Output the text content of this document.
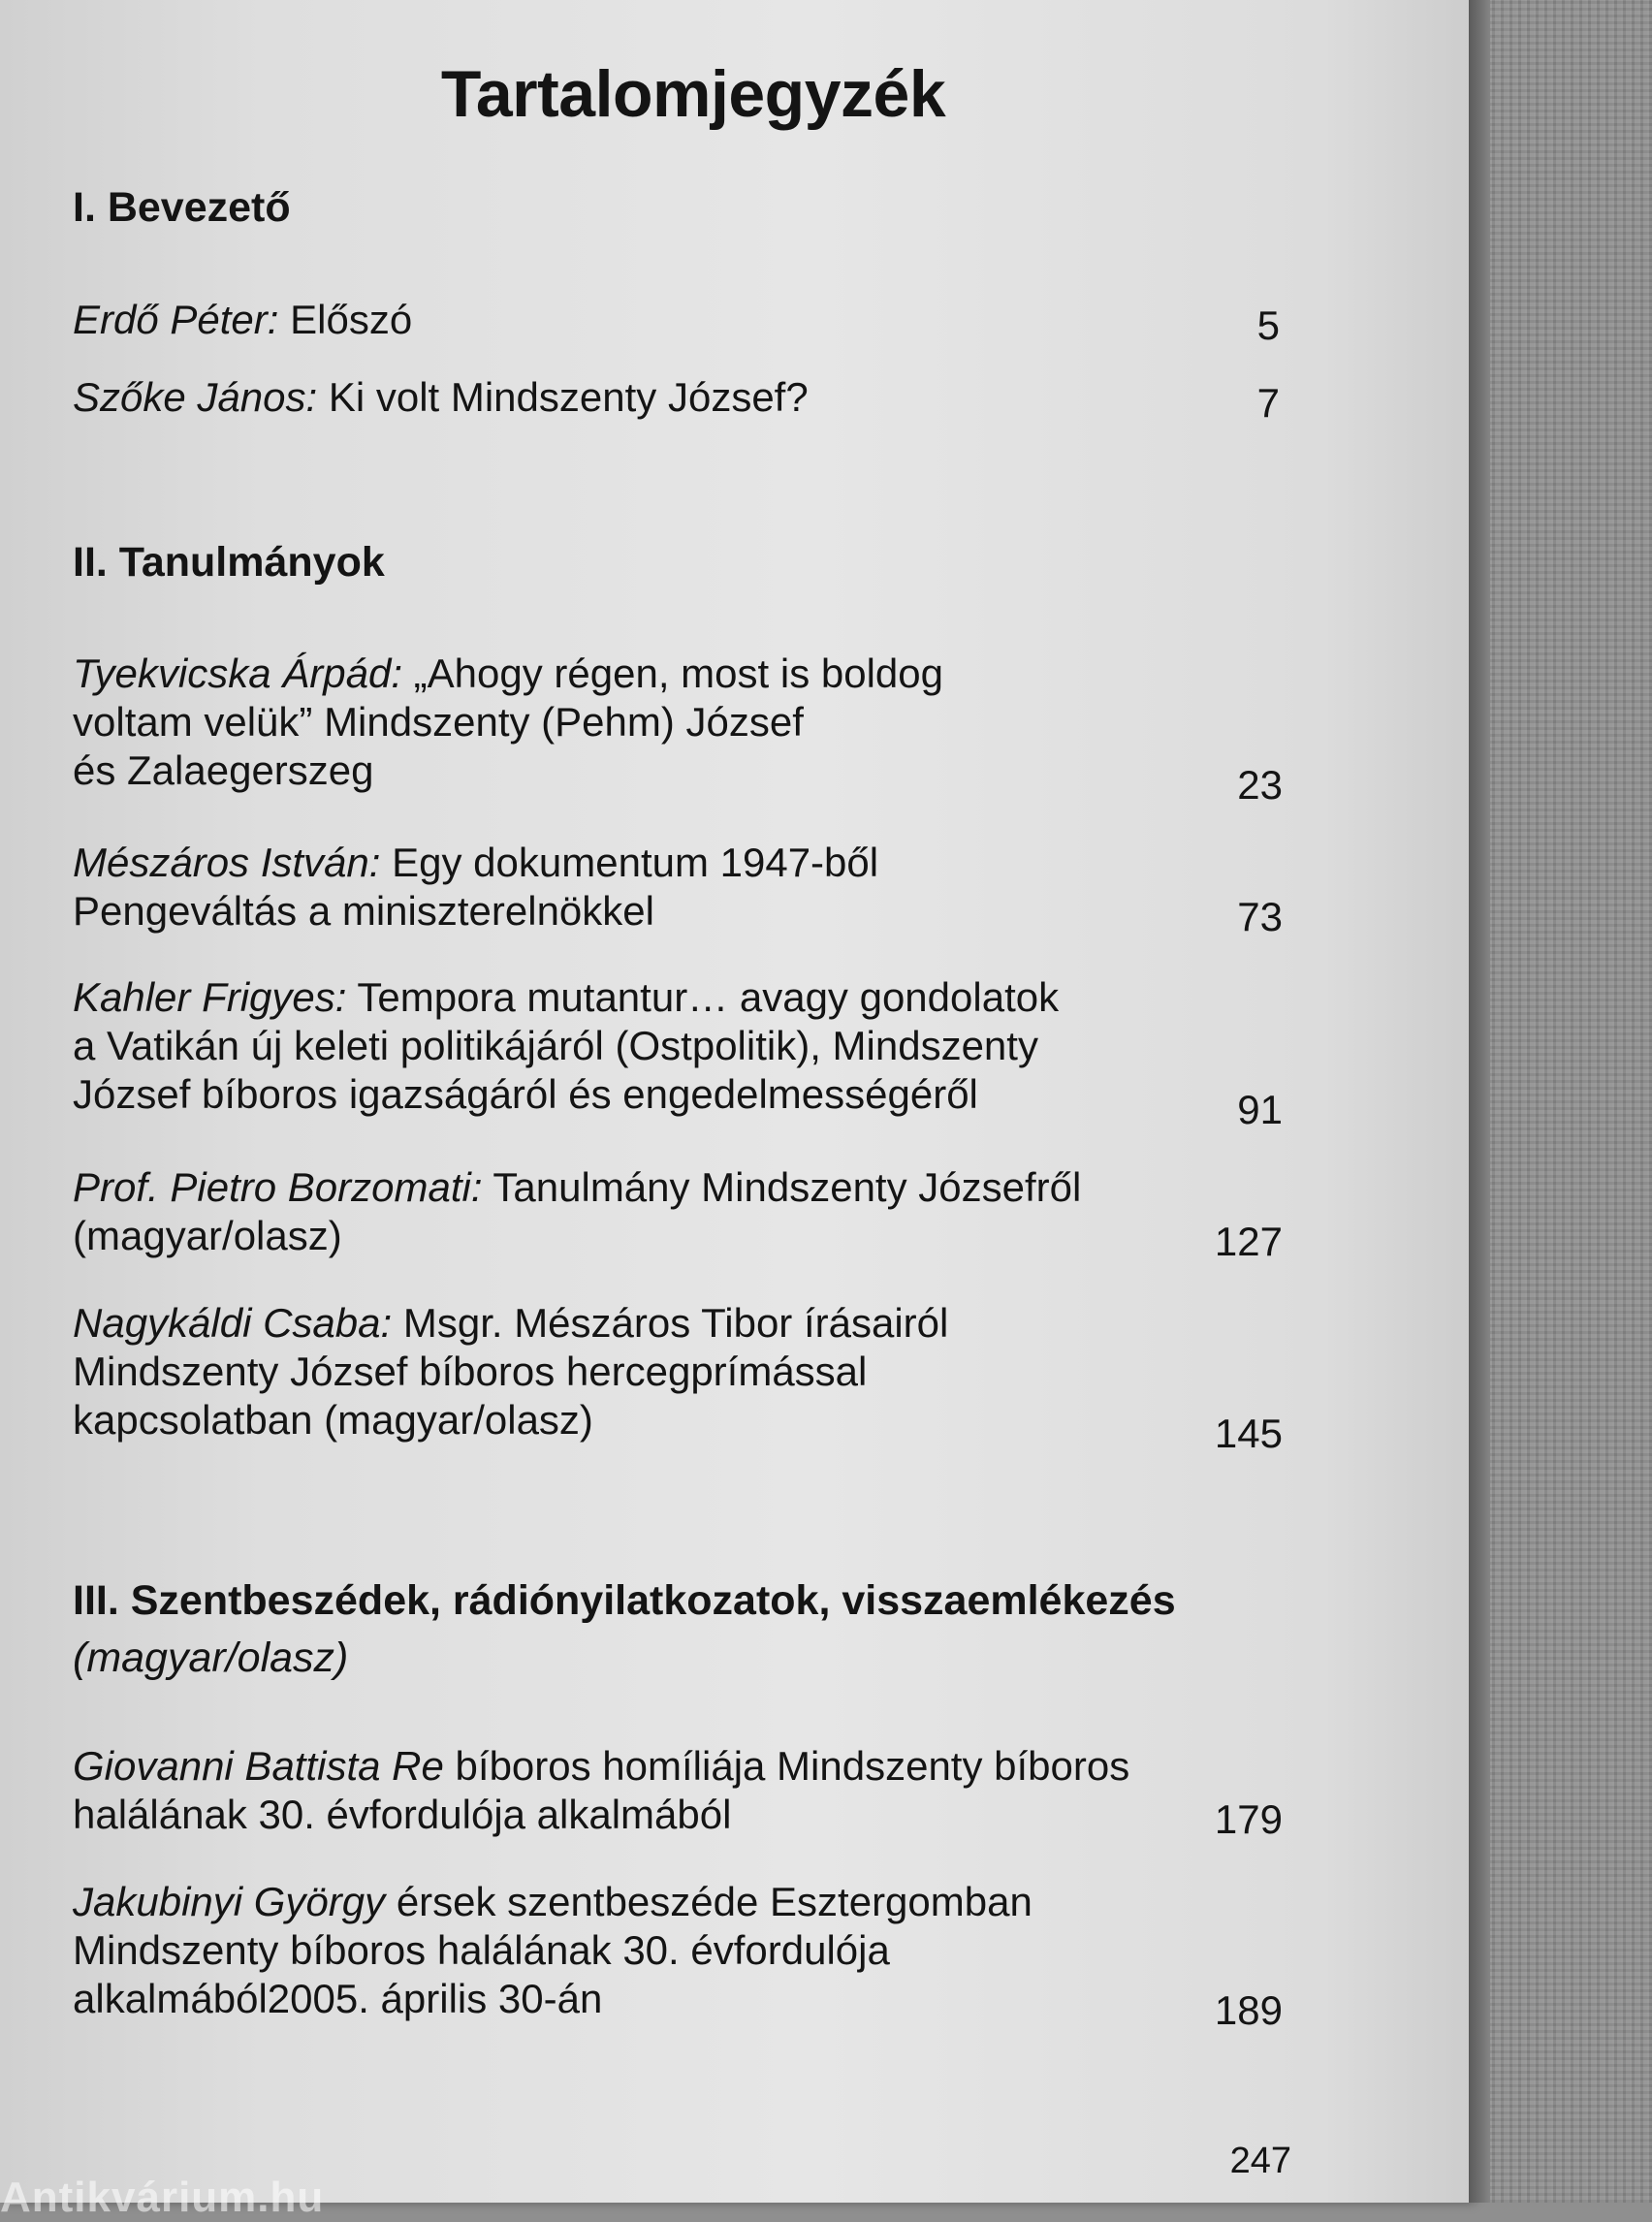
Tartalomjegyzék
I. Bevezető
Erdő Péter: Előszó	5
Szőke János: Ki volt Mindszenty József?	7
II. Tanulmányok
Tyekvicska Árpád: „Ahogy régen, most is boldog
voltam velük” Mindszenty (Pehm) József
és Zalaegerszeg	23
Mészáros István: Egy dokumentum 1947-ből
Pengeváltás a miniszterelnökkel	73
Kahler Frigyes: Tempora mutantur… avagy gondolatok
a Vatikán új keleti politikájáról (Ostpolitik), Mindszenty
József bíboros igazságáról és engedelmességéről	91
Prof. Pietro Borzomati: Tanulmány Mindszenty Józsefről
(magyar/olasz)	127
Nagykáldi Csaba: Msgr. Mészáros Tibor írásairól
Mindszenty József bíboros hercegprímással
kapcsolatban (magyar/olasz)	145
III. Szentbeszédek, rádiónyilatkozatok, visszaemlékezés
(magyar/olasz)
Giovanni Battista Re bíboros homíliája Mindszenty bíboros
halálának 30. évfordulója alkalmából	179
Jakubinyi György érsek szentbeszéde Esztergomban
Mindszenty bíboros halálának 30. évfordulója
alkalmából2005. április 30-án	189
247
Antikvárium.hu
